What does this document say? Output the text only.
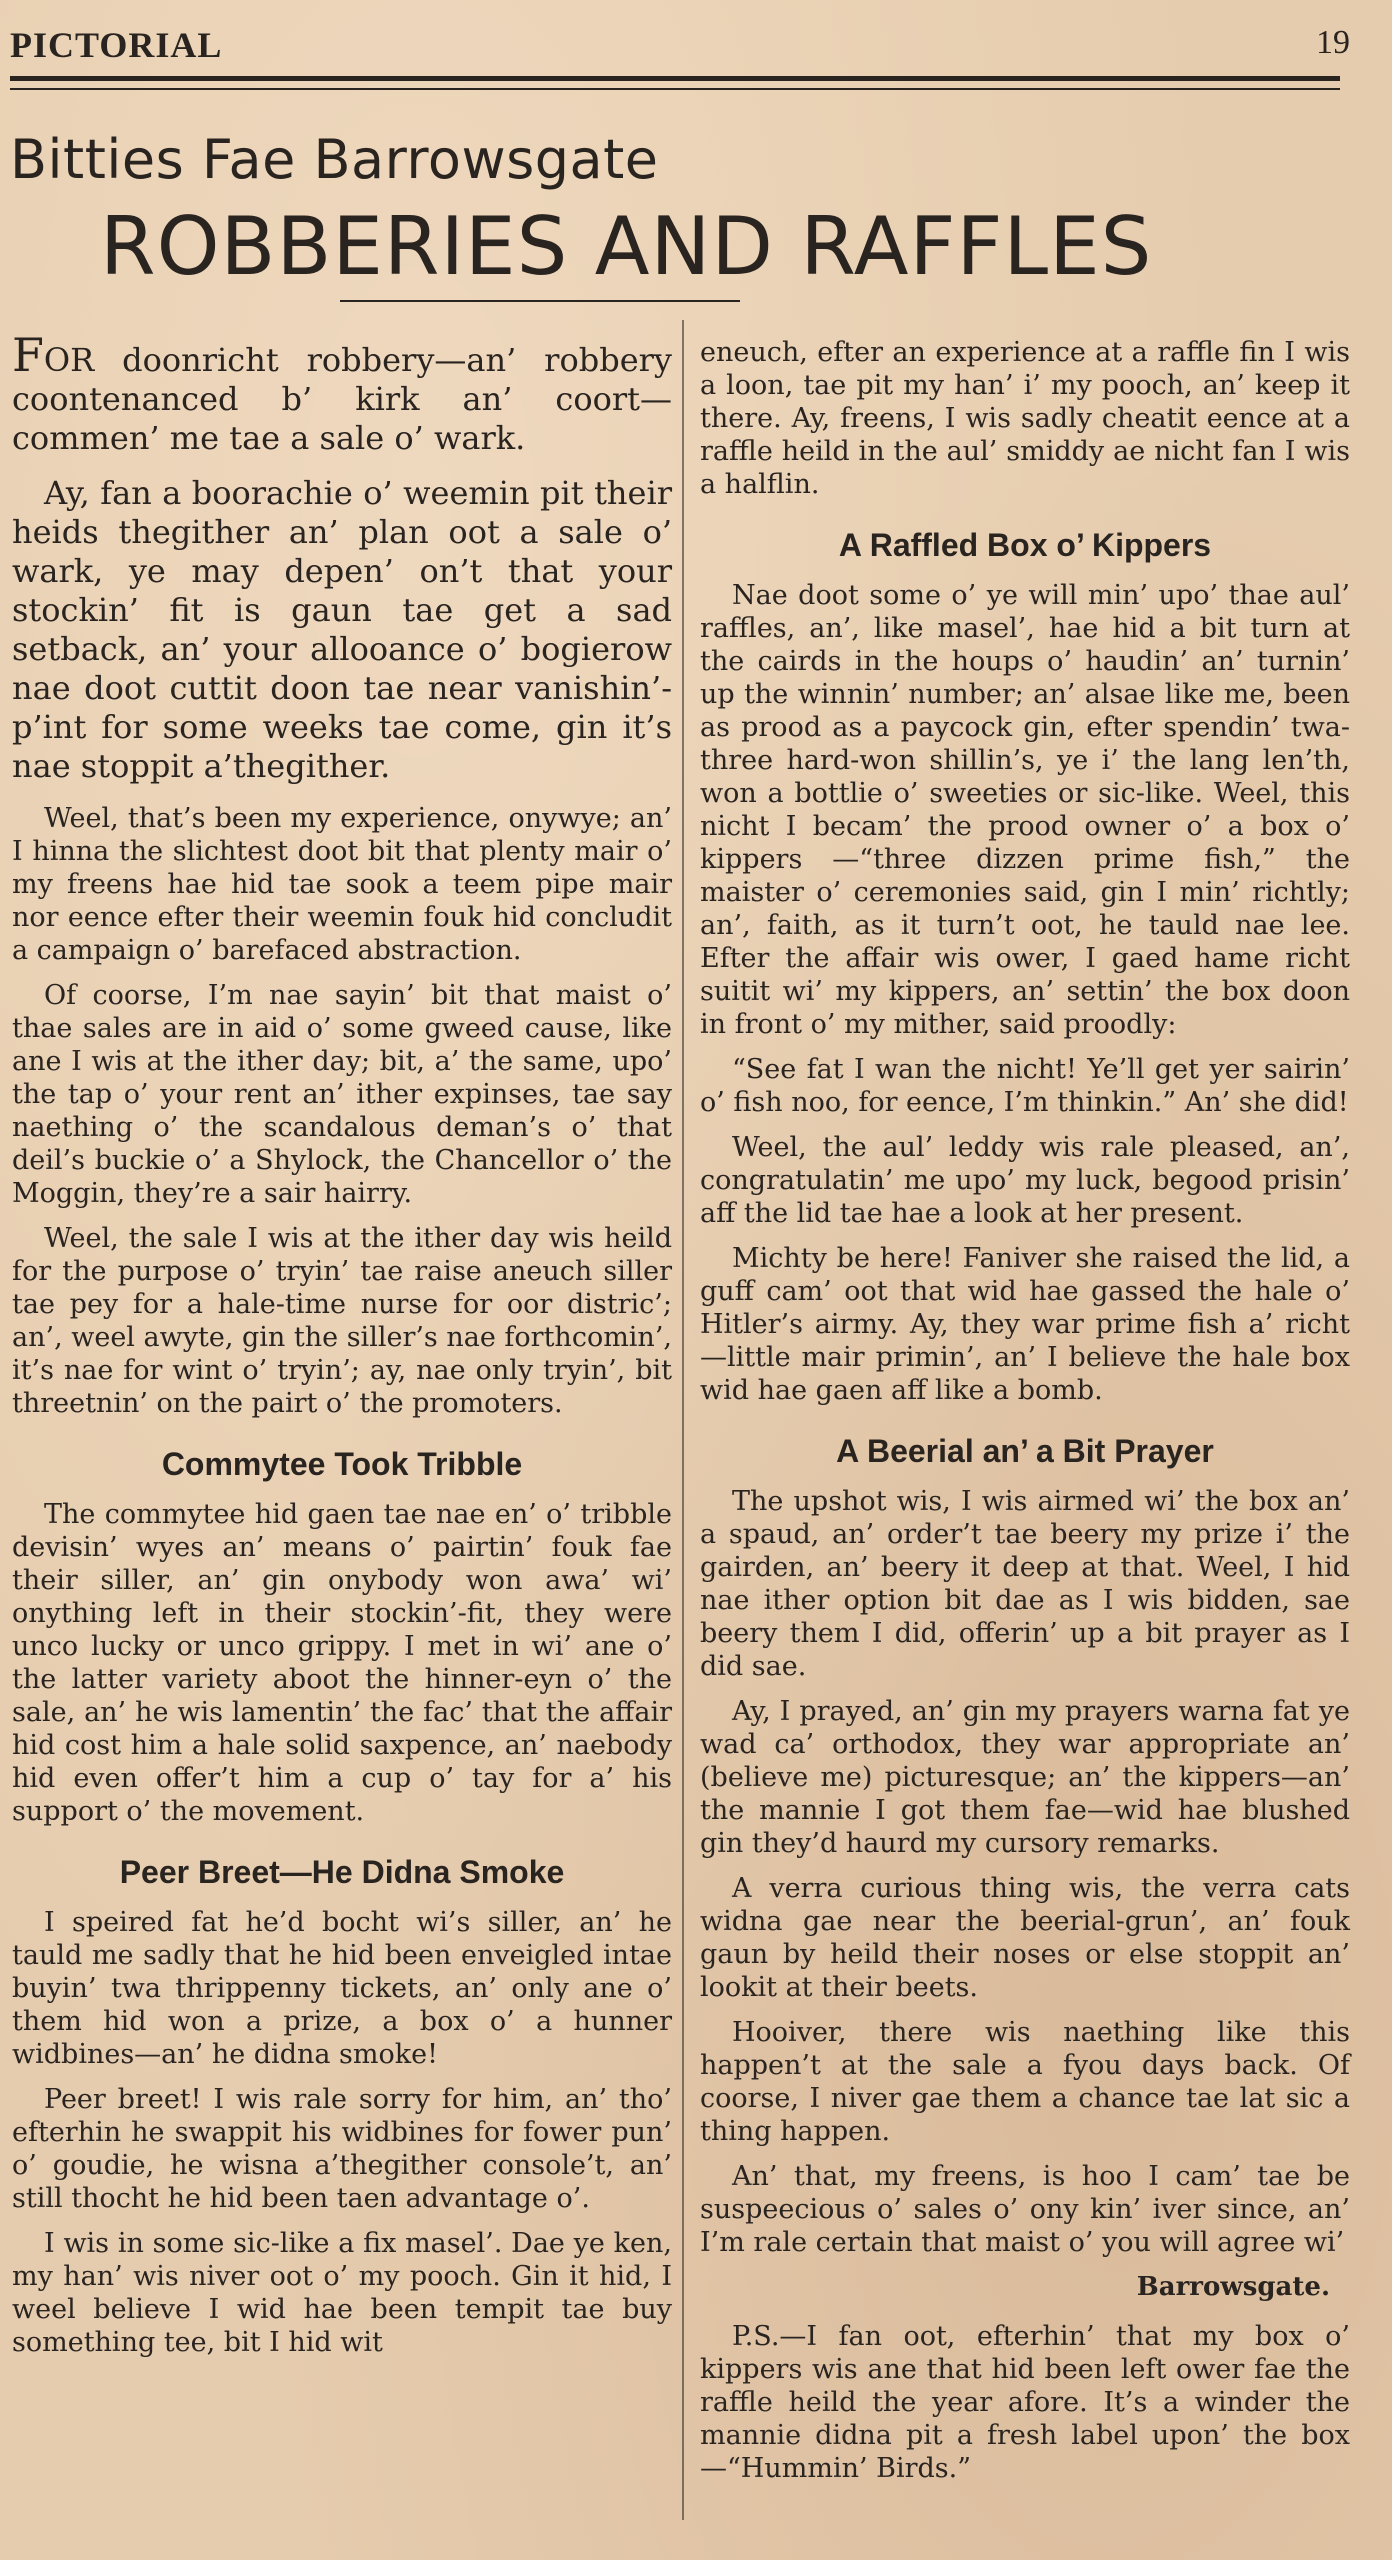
PICTORIAL	19
Bitties Fae Barrowsgate
ROBBERIES AND RAFFLES

FOR doonricht robbery—an’ robbery coontenanced b’ kirk an’ coort—commen’ me tae a sale o’ wark.

Ay, fan a boorachie o’ weemin pit their heids thegither an’ plan oot a sale o’ wark, ye may depen’ on’t that your stockin’ fit is gaun tae get a sad setback, an’ your allooance o’ bogierow nae doot cuttit doon tae near vanishin’-p’int for some weeks tae come, gin it’s nae stoppit a’thegither.

Weel, that’s been my experience, onywye; an’ I hinna the slichtest doot bit that plenty mair o’ my freens hae hid tae sook a teem pipe mair nor eence efter their weemin fouk hid concludit a campaign o’ barefaced abstraction.

Of coorse, I’m nae sayin’ bit that maist o’ thae sales are in aid o’ some gweed cause, like ane I wis at the ither day; bit, a’ the same, upo’ the tap o’ your rent an’ ither expinses, tae say naething o’ the scandalous deman’s o’ that deil’s buckie o’ a Shylock, the Chancellor o’ the Moggin, they’re a sair hairry.

Weel, the sale I wis at the ither day wis heild for the purpose o’ tryin’ tae raise aneuch siller tae pey for a hale-time nurse for oor distric’; an’, weel awyte, gin the siller’s nae forthcomin’, it’s nae for wint o’ tryin’; ay, nae only tryin’, bit threetnin’ on the pairt o’ the promoters.

Commytee Took Tribble

The commytee hid gaen tae nae en’ o’ tribble devisin’ wyes an’ means o’ pairtin’ fouk fae their siller, an’ gin onybody won awa’ wi’ onything left in their stockin’-fit, they were unco lucky or unco grippy. I met in wi’ ane o’ the latter variety aboot the hinner-eyn o’ the sale, an’ he wis lamentin’ the fac’ that the affair hid cost him a hale solid saxpence, an’ naebody hid even offer’t him a cup o’ tay for a’ his support o’ the movement.

Peer Breet—He Didna Smoke

I speired fat he’d bocht wi’s siller, an’ he tauld me sadly that he hid been enveigled intae buyin’ twa thrippenny tickets, an’ only ane o’ them hid won a prize, a box o’ a hunner widbines—an’ he didna smoke!

Peer breet! I wis rale sorry for him, an’ tho’ efterhin he swappit his widbines for fower pun’ o’ goudie, he wisna a’thegither console’t, an’ still thocht he hid been taen advantage o’.

I wis in some sic-like a fix masel’. Dae ye ken, my han’ wis niver oot o’ my pooch. Gin it hid, I weel believe I wid hae been tempit tae buy something tee, bit I hid wit

eneuch, efter an experience at a raffle fin I wis a loon, tae pit my han’ i’ my pooch, an’ keep it there. Ay, freens, I wis sadly cheatit eence at a raffle heild in the aul’ smiddy ae nicht fan I wis a halflin.

A Raffled Box o’ Kippers

Nae doot some o’ ye will min’ upo’ thae aul’ raffles, an’, like masel’, hae hid a bit turn at the cairds in the houps o’ haudin’ an’ turnin’ up the winnin’ number; an’ alsae like me, been as prood as a paycock gin, efter spendin’ twa-three hard-won shillin’s, ye i’ the lang len’th, won a bottlie o’ sweeties or sic-like. Weel, this nicht I becam’ the prood owner o’ a box o’ kippers —“three dizzen prime fish,” the maister o’ ceremonies said, gin I min’ richtly; an’, faith, as it turn’t oot, he tauld nae lee. Efter the affair wis ower, I gaed hame richt suitit wi’ my kippers, an’ settin’ the box doon in front o’ my mither, said proodly:

“See fat I wan the nicht! Ye’ll get yer sairin’ o’ fish noo, for eence, I’m thinkin.” An’ she did!

Weel, the aul’ leddy wis rale pleased, an’, congratulatin’ me upo’ my luck, begood prisin’ aff the lid tae hae a look at her present.

Michty be here! Faniver she raised the lid, a guff cam’ oot that wid hae gassed the hale o’ Hitler’s airmy. Ay, they war prime fish a’ richt—little mair primin’, an’ I believe the hale box wid hae gaen aff like a bomb.

A Beerial an’ a Bit Prayer

The upshot wis, I wis airmed wi’ the box an’ a spaud, an’ order’t tae beery my prize i’ the gairden, an’ beery it deep at that. Weel, I hid nae ither option bit dae as I wis bidden, sae beery them I did, offerin’ up a bit prayer as I did sae.

Ay, I prayed, an’ gin my prayers warna fat ye wad ca’ orthodox, they war appropriate an’ (believe me) picturesque; an’ the kippers—an’ the mannie I got them fae—wid hae blushed gin they’d haurd my cursory remarks.

A verra curious thing wis, the verra cats widna gae near the beerial-grun’, an’ fouk gaun by heild their noses or else stoppit an’ lookit at their beets.

Hooiver, there wis naething like this happen’t at the sale a fyou days back. Of coorse, I niver gae them a chance tae lat sic a thing happen.

An’ that, my freens, is hoo I cam’ tae be suspeecious o’ sales o’ ony kin’ iver since, an’ I’m rale certain that maist o’ you will agree wi’

Barrowsgate.

P.S.—I fan oot, efterhin’ that my box o’ kippers wis ane that hid been left ower fae the raffle heild the year afore. It’s a winder the mannie didna pit a fresh label upon’ the box—“Hummin’ Birds.”
